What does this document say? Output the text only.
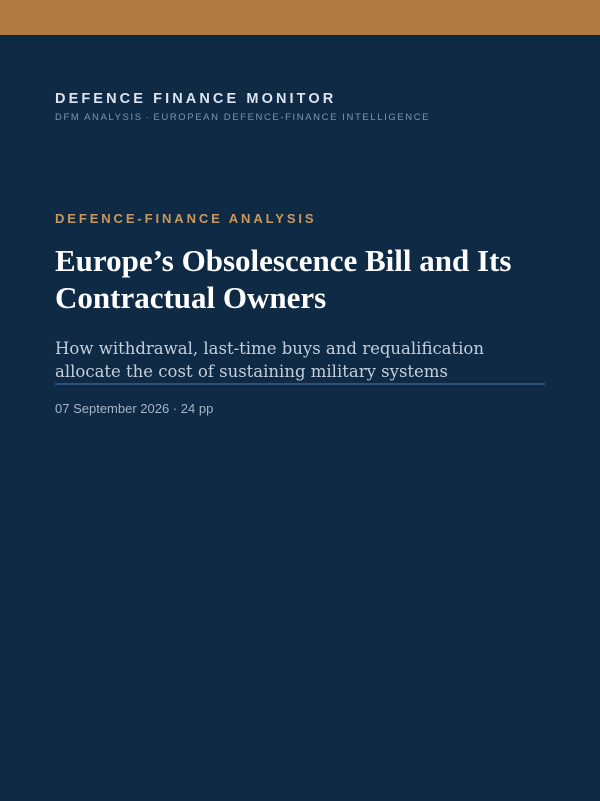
DEFENCE FINANCE MONITOR
DFM ANALYSIS · EUROPEAN DEFENCE-FINANCE INTELLIGENCE
DEFENCE-FINANCE ANALYSIS
Europe’s Obsolescence Bill and Its Contractual Owners
How withdrawal, last-time buys and requalification allocate the cost of sustaining military systems
07 September 2026 · 24 pp
